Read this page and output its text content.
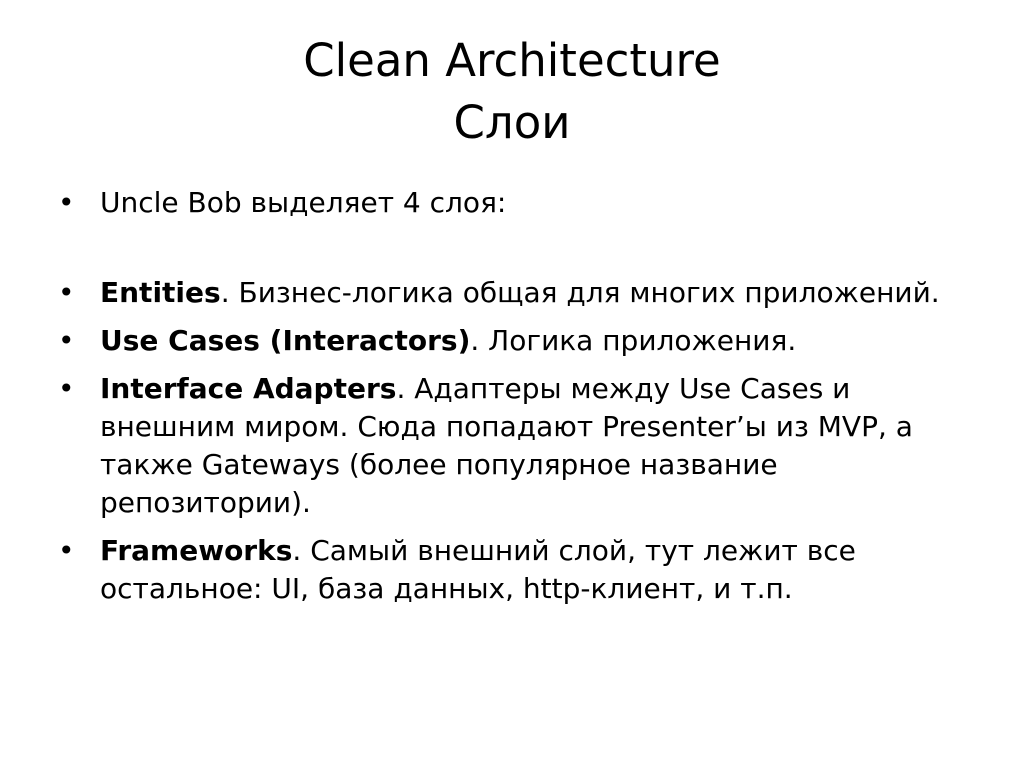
Clean Architecture
Слои

• Uncle Bob выделяет 4 слоя:

• Entities. Бизнес-логика общая для многих приложений.

• Use Cases (Interactors). Логика приложения.

• Interface Adapters. Адаптеры между Use Cases и внешним миром. Сюда попадают Presenter’ы из MVP, а также Gateways (более популярное название репозитории).

• Frameworks. Самый внешний слой, тут лежит все остальное: UI, база данных, http-клиент, и т.п.
